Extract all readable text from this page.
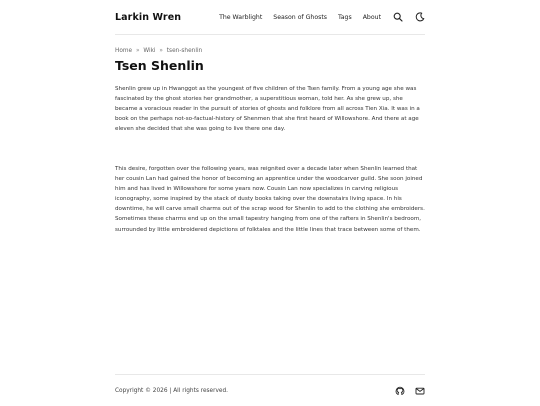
Larkin Wren	The Warblight Season of Ghosts Tags About
Home » Wiki » tsen-shenlin
Tsen Shenlin

Shenlin grew up in Hwanggot as the youngest of five children of the Tsen family. From a young age she was fascinated by the ghost stories her grandmother, a superstitious woman, told her. As she grew up, she became a voracious reader in the pursuit of stories of ghosts and folklore from all across Tien Xia. It was in a book on the perhaps not-so-factual-history of Shenmen that she first heard of Willowshore. And there at age eleven she decided that she was going to live there one day.

This desire, forgotten over the following years, was reignited over a decade later when Shenlin learned that her cousin Lan had gained the honor of becoming an apprentice under the woodcarver guild. She soon joined him and has lived in Willowshore for some years now. Cousin Lan now specializes in carving religious iconography, some inspired by the stack of dusty books taking over the downstairs living space. In his downtime, he will carve small charms out of the scrap wood for Shenlin to add to the clothing she embroiders. Sometimes these charms end up on the small tapestry hanging from one of the rafters in Shenlin's bedroom, surrounded by little embroidered depictions of folktales and the little lines that trace between some of them.

Copyright © 2026 | All rights reserved.
